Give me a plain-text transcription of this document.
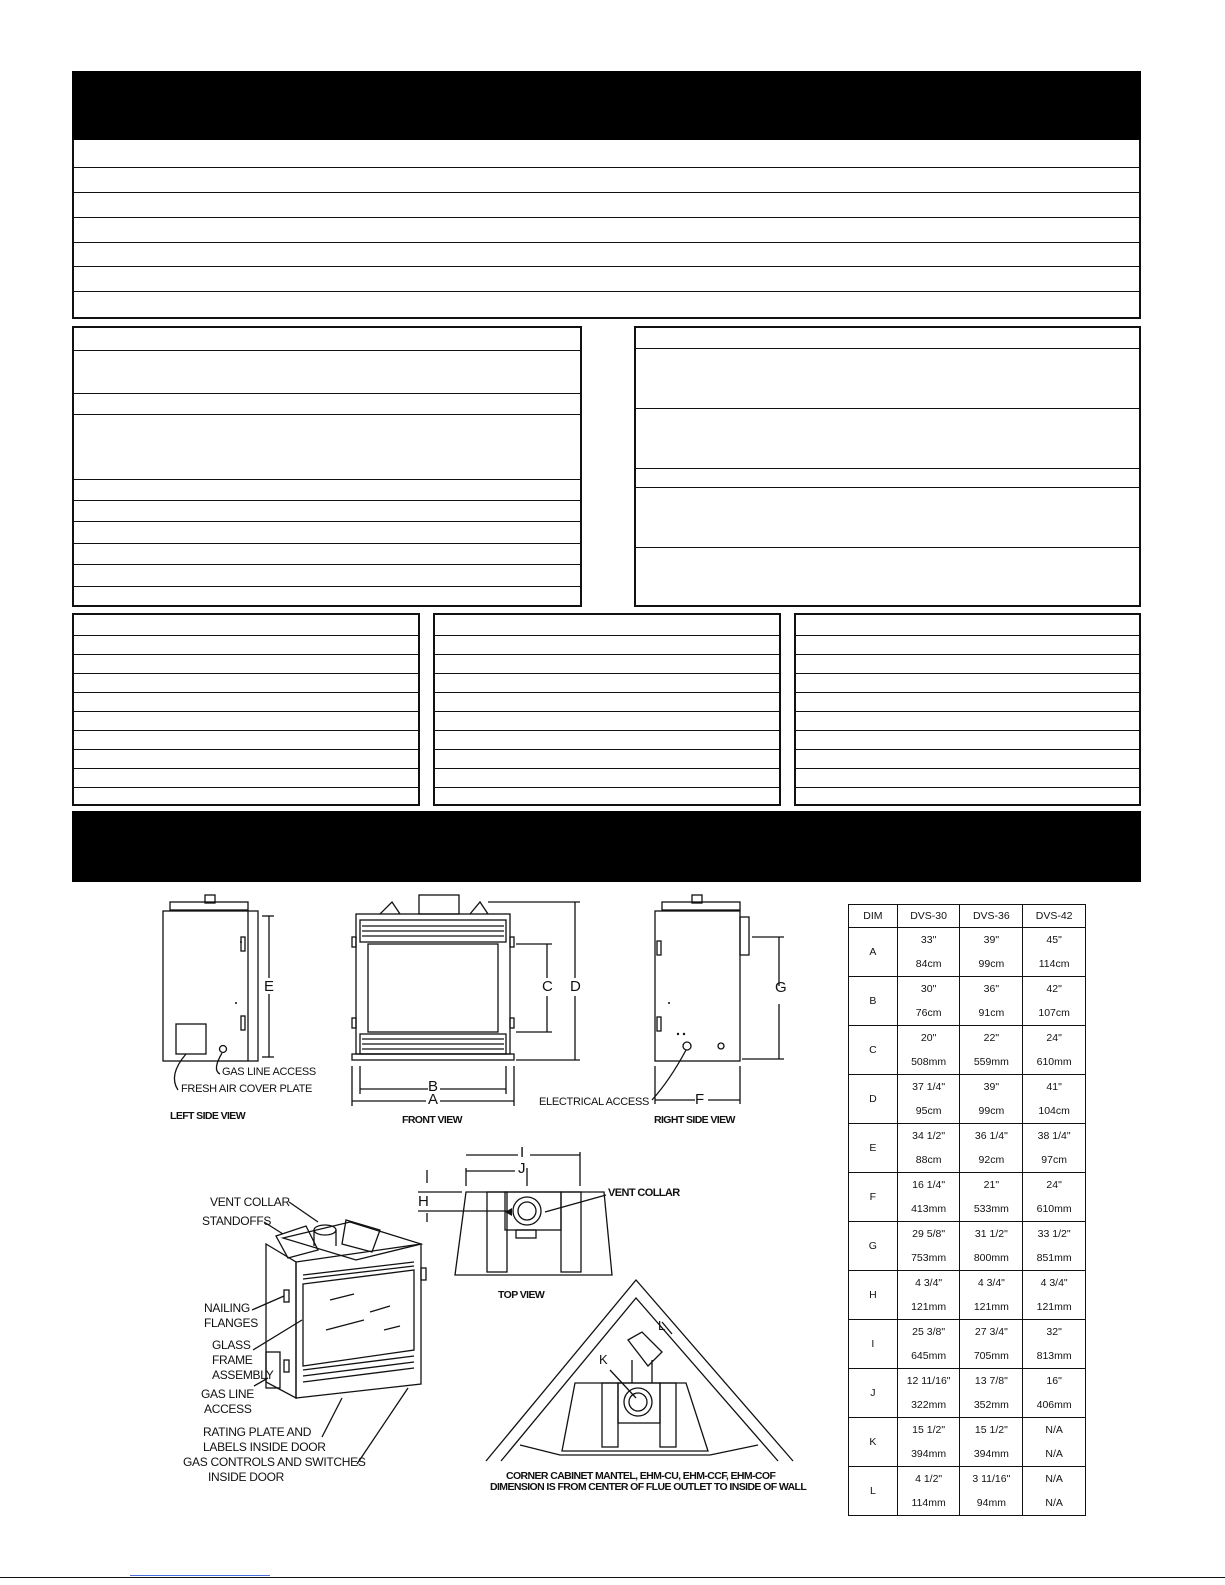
E
GAS LINE ACCESS
FRESH AIR COVER PLATE
LEFT SIDE VIEW
C D
B
A
FRONT VIEW
G
F
ELECTRICAL ACCESS
RIGHT SIDE VIEW
I
J
H	VENT COLLAR
TOP VIEW
VENT COLLAR
STANDOFFS
NAILING
FLANGES
GLASS
FRAME
ASSEMBLY
GAS LINE
ACCESS
RATING PLATE AND
LABELS INSIDE DOOR
GAS CONTROLS AND SWITCHES
INSIDE DOOR
K
L
CORNER CABINET MANTEL, EHM-CU, EHM-CCF, EHM-COF
DIMENSION IS FROM CENTER OF FLUE OUTLET TO INSIDE OF WALL
DIM	DVS-30	DVS-36	DVS-42
A	33"	39"	45"
	84cm	99cm	114cm
B	30"	36"	42"
	76cm	91cm	107cm
C	20"	22"	24"
	508mm	559mm	610mm
D	37 1/4"	39"	41"
	95cm	99cm	104cm
E	34 1/2"	36 1/4"	38 1/4"
	88cm	92cm	97cm
F	16 1/4"	21"	24"
	413mm	533mm	610mm
G	29 5/8"	31 1/2"	33 1/2"
	753mm	800mm	851mm
H	4 3/4"	4 3/4"	4 3/4"
	121mm	121mm	121mm
I	25 3/8"	27 3/4"	32"
	645mm	705mm	813mm
J	12 11/16"	13 7/8"	16"
	322mm	352mm	406mm
K	15 1/2"	15 1/2"	N/A
	394mm	394mm	N/A
L	4 1/2"	3 11/16"	N/A
	114mm	94mm	N/A
